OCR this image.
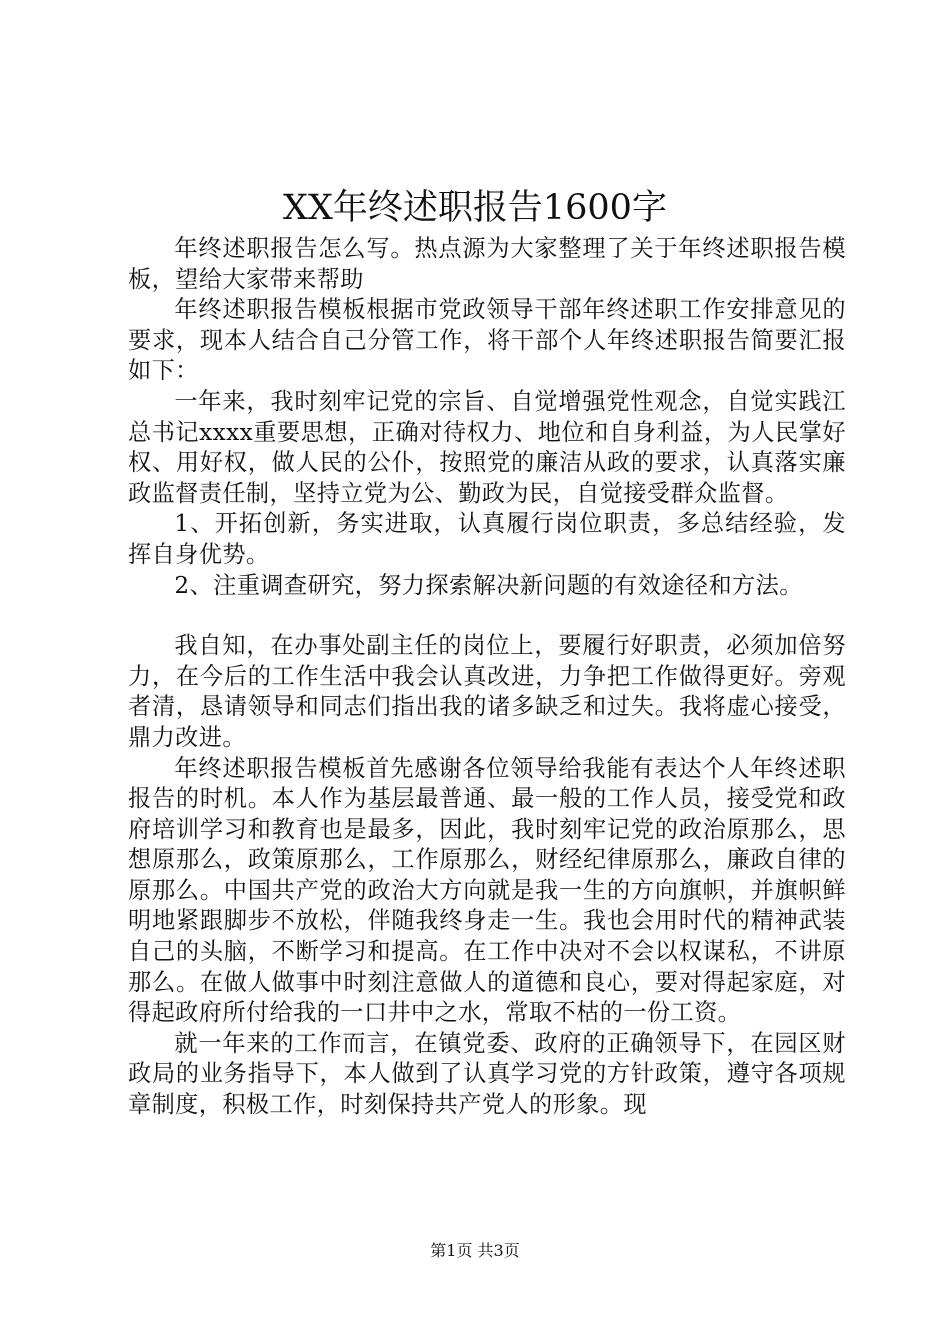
XX年终述职报告1600字

年终述职报告怎么写。热点源为大家整理了关于年终述职报告模板，望给大家带来帮助

年终述职报告模板根据市党政领导干部年终述职工作安排意见的要求，现本人结合自己分管工作，将干部个人年终述职报告简要汇报如下：

一年来，我时刻牢记党的宗旨、自觉增强党性观念，自觉实践江总书记xxxx重要思想，正确对待权力、地位和自身利益，为人民掌好权、用好权，做人民的公仆，按照党的廉洁从政的要求，认真落实廉政监督责任制，坚持立党为公、勤政为民，自觉接受群众监督。

1、开拓创新，务实进取，认真履行岗位职责，多总结经验，发挥自身优势。

2、注重调查研究，努力探索解决新问题的有效途径和方法。

我自知，在办事处副主任的岗位上，要履行好职责，必须加倍努力，在今后的工作生活中我会认真改进，力争把工作做得更好。旁观者清，恳请领导和同志们指出我的诸多缺乏和过失。我将虚心接受，鼎力改进。

年终述职报告模板首先感谢各位领导给我能有表达个人年终述职报告的时机。本人作为基层最普通、最一般的工作人员，接受党和政府培训学习和教育也是最多，因此，我时刻牢记党的政治原那么，思想原那么，政策原那么，工作原那么，财经纪律原那么，廉政自律的原那么。中国共产党的政治大方向就是我一生的方向旗帜，并旗帜鲜明地紧跟脚步不放松，伴随我终身走一生。我也会用时代的精神武装自己的头脑，不断学习和提高。在工作中决对不会以权谋私，不讲原那么。在做人做事中时刻注意做人的道德和良心，要对得起家庭，对得起政府所付给我的一口井中之水，常取不枯的一份工资。

就一年来的工作而言，在镇党委、政府的正确领导下，在园区财政局的业务指导下，本人做到了认真学习党的方针政策，遵守各项规章制度，积极工作，时刻保持共产党人的形象。现

第1页 共3页
